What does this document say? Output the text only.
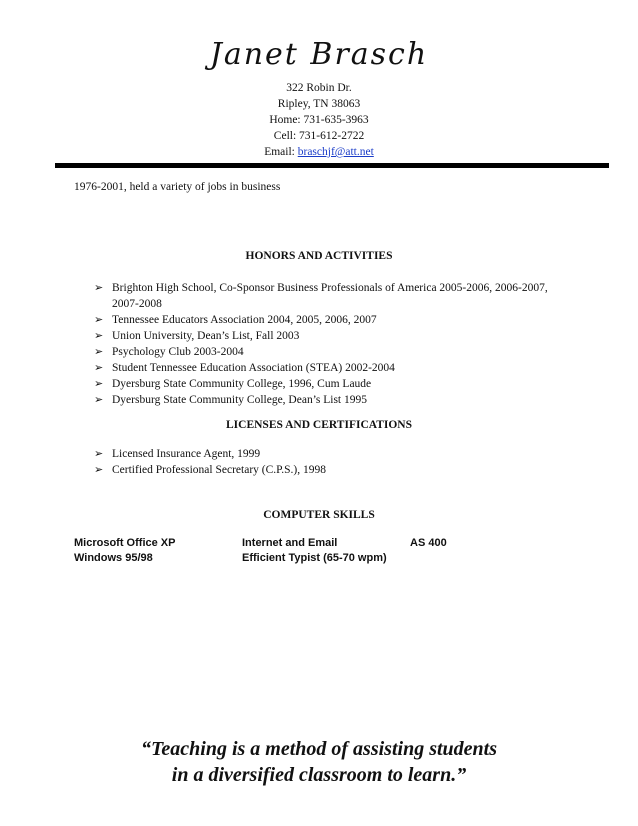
Janet Brasch
322 Robin Dr.
Ripley, TN 38063
Home: 731-635-3963
Cell: 731-612-2722
Email: braschjf@att.net
1976-2001, held a variety of jobs in business
HONORS AND ACTIVITIES
➢ Brighton High School, Co-Sponsor Business Professionals of America 2005-2006, 2006-2007, 2007-2008
➢ Tennessee Educators Association 2004, 2005, 2006, 2007
➢ Union University, Dean’s List, Fall 2003
➢ Psychology Club 2003-2004
➢ Student Tennessee Education Association (STEA) 2002-2004
➢ Dyersburg State Community College, 1996, Cum Laude
➢ Dyersburg State Community College, Dean’s List 1995
LICENSES AND CERTIFICATIONS
➢ Licensed Insurance Agent, 1999
➢ Certified Professional Secretary (C.P.S.), 1998
COMPUTER SKILLS
Microsoft Office XP	Internet and Email	AS 400
Windows 95/98	Efficient Typist (65-70 wpm)
“Teaching is a method of assisting students
in a diversified classroom to learn.”
